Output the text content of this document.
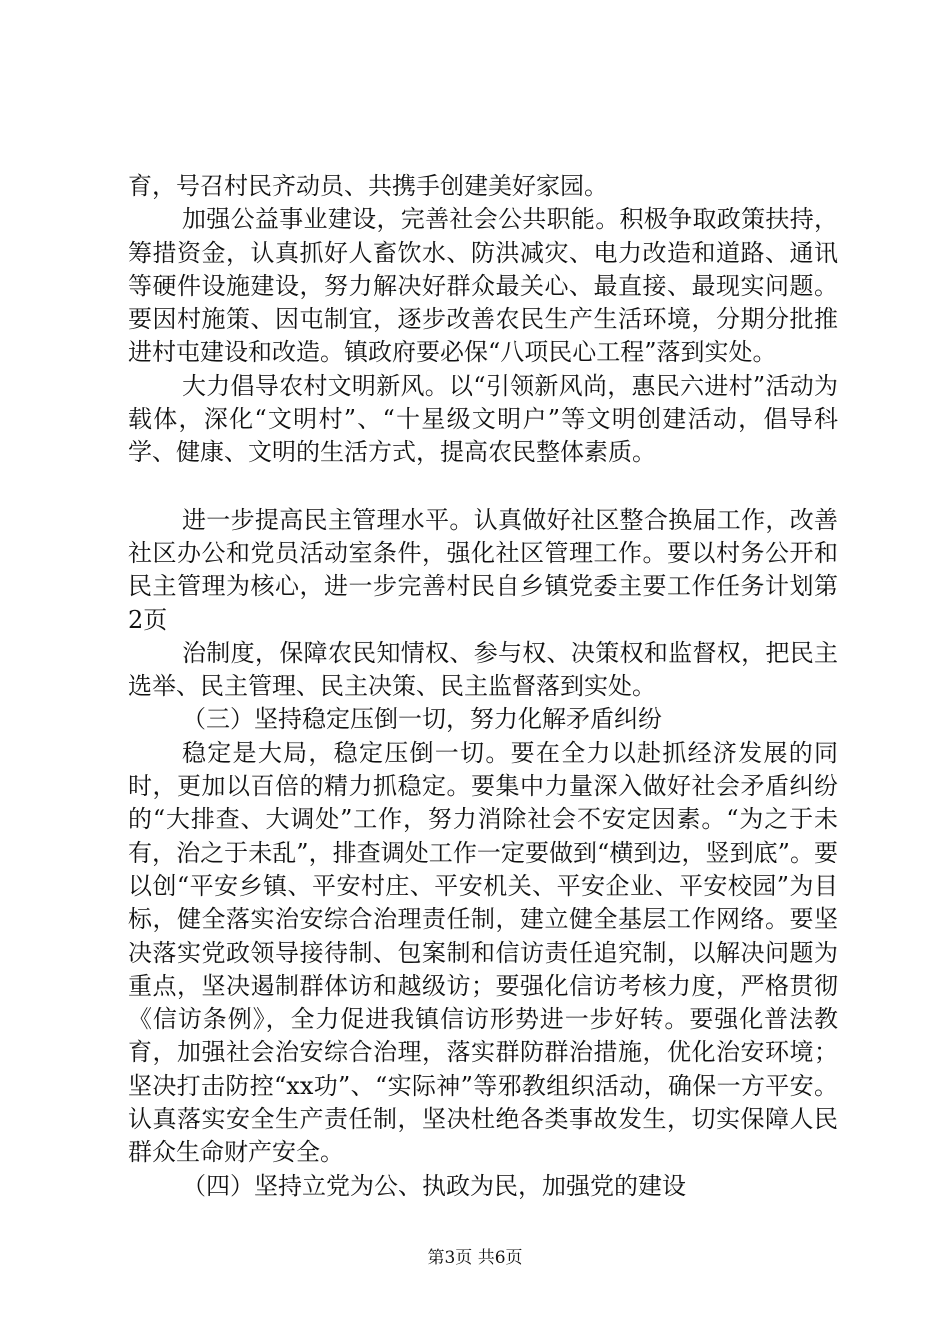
育，号召村民齐动员、共携手创建美好家园。

加强公益事业建设，完善社会公共职能。积极争取政策扶持，筹措资金，认真抓好人畜饮水、防洪减灾、电力改造和道路、通讯等硬件设施建设，努力解决好群众最关心、最直接、最现实问题。要因村施策、因屯制宜，逐步改善农民生产生活环境，分期分批推进村屯建设和改造。镇政府要必保“八项民心工程”落到实处。

大力倡导农村文明新风。以“引领新风尚，惠民六进村”活动为载体，深化“文明村”、“十星级文明户”等文明创建活动，倡导科学、健康、文明的生活方式，提高农民整体素质。

进一步提高民主管理水平。认真做好社区整合换届工作，改善社区办公和党员活动室条件，强化社区管理工作。要以村务公开和民主管理为核心，进一步完善村民自乡镇党委主要工作任务计划第2页

治制度，保障农民知情权、参与权、决策权和监督权，把民主选举、民主管理、民主决策、民主监督落到实处。

（三）坚持稳定压倒一切，努力化解矛盾纠纷

稳定是大局，稳定压倒一切。要在全力以赴抓经济发展的同时，更加以百倍的精力抓稳定。要集中力量深入做好社会矛盾纠纷的“大排查、大调处”工作，努力消除社会不安定因素。“为之于未有，治之于未乱”，排查调处工作一定要做到“横到边，竖到底”。要以创“平安乡镇、平安村庄、平安机关、平安企业、平安校园”为目标，健全落实治安综合治理责任制，建立健全基层工作网络。要坚决落实党政领导接待制、包案制和信访责任追究制，以解决问题为重点，坚决遏制群体访和越级访；要强化信访考核力度，严格贯彻《信访条例》，全力促进我镇信访形势进一步好转。要强化普法教育，加强社会治安综合治理，落实群防群治措施，优化治安环境；坚决打击防控“xx功”、“实际神”等邪教组织活动，确保一方平安。认真落实安全生产责任制，坚决杜绝各类事故发生，切实保障人民群众生命财产安全。

（四）坚持立党为公、执政为民，加强党的建设

第3页 共6页
